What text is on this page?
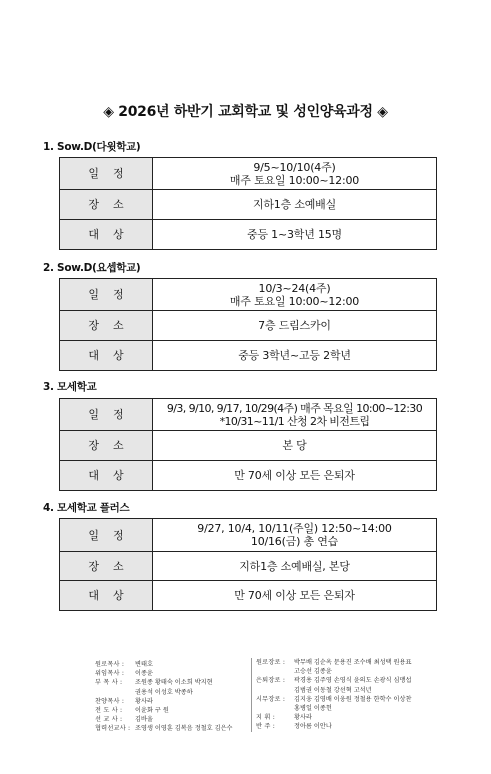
◈ 2026년 하반기 교회학교 및 성인양육과정 ◈
1. Sow.D(다윗학교)
일정	9/5~10/10(4주)
매주 토요일 10:00~12:00

장소	지하1층 소예배실

대상	중등 1~3학년 15명
2. Sow.D(요셉학교)
일정	10/3~24(4주)
매주 토요일 10:00~12:00

장소	7층 드림스카이

대상	중등 3학년~고등 2학년
3. 모세학교
일정	9/3, 9/10, 9/17, 10/29(4주) 매주 목요일 10:00~12:30
*10/31~11/1 산청 2차 비전트립

장소	본 당

대상	만 70세 이상 모든 은퇴자
4. 모세학교 플러스
일정	9/27, 10/4, 10/11(주일) 12:50~14:00
10/16(금) 총 연습

장소	지하1층 소예배실, 본당

대상	만 70세 이상 모든 은퇴자
원로목사 :	변태호
위임목사 :	이종윤
부 목 사 :	조원종 황태숙 이소희 박지현
권용석 이성호 박종하
찬양목사 :	황사라
전 도 사 :	이윤화 구 원
선 교 사 :	김바울
협력선교사 : 조영생 이영훈 김복음 정철호 김은수
원로장로 :	박무배 김순옥 문용진 조수배 최성택 원용표
고승선 김종윤
은퇴장로 :	곽경용 김주영 손영식 윤의도 손광식 심맹섭
김범권 이동철 강선혁 고석년
시무장로 :	김지웅 김영배 이웅원 정철용 한학수 이상찬
홍병일 이종헌
지 휘 :	황사라
반 주 :	정아름 이안나
